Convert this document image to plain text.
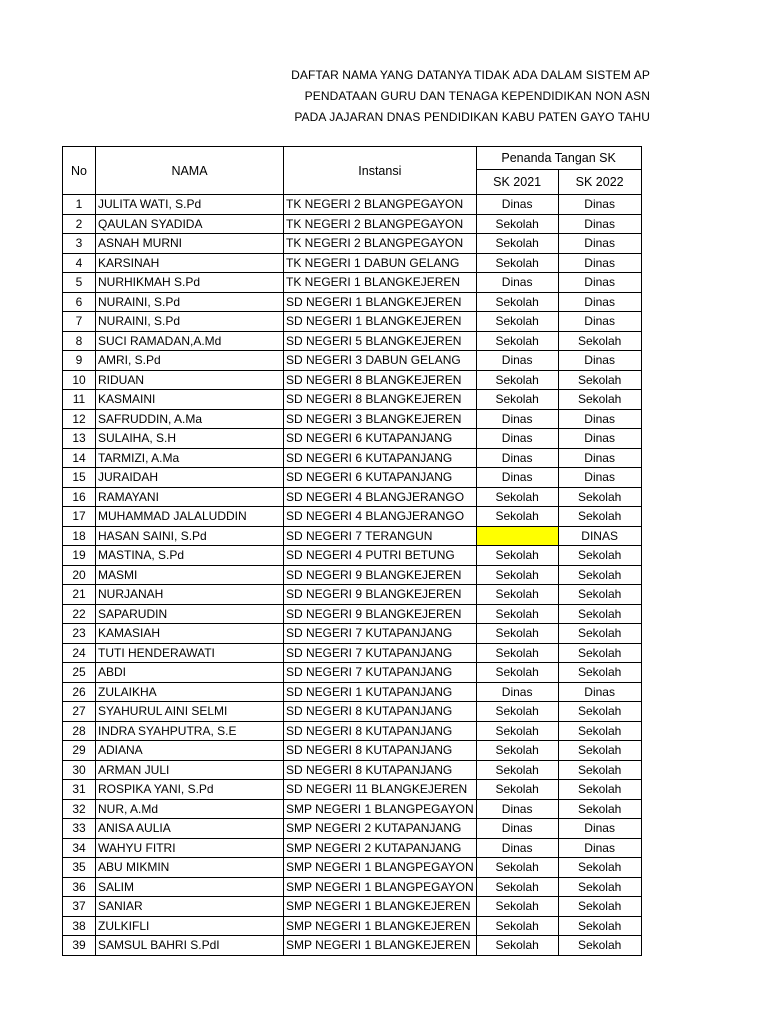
DAFTAR NAMA YANG DATANYA TIDAK ADA DALAM SISTEM AP
PENDATAAN GURU DAN TENAGA KEPENDIDIKAN NON ASN
PADA JAJARAN DNAS PENDIDIKAN KABU PATEN GAYO TAHU
No	NAMA	Instansi	Penanda Tangan SK	
			SK 2021	SK 2022
1	JULITA WATI, S.Pd	TK NEGERI 2 BLANGPEGAYON	Dinas	Dinas
2	QAULAN SYADIDA	TK NEGERI 2 BLANGPEGAYON	Sekolah	Dinas
3	ASNAH MURNI	TK NEGERI 2 BLANGPEGAYON	Sekolah	Dinas
4	KARSINAH	TK NEGERI 1 DABUN GELANG	Sekolah	Dinas
5	NURHIKMAH S.Pd	TK NEGERI 1 BLANGKEJEREN	Dinas	Dinas
6	NURAINI, S.Pd	SD NEGERI 1 BLANGKEJEREN	Sekolah	Dinas
7	NURAINI, S.Pd	SD NEGERI 1 BLANGKEJEREN	Sekolah	Dinas
8	SUCI RAMADAN,A.Md	SD NEGERI 5 BLANGKEJEREN	Sekolah	Sekolah
9	AMRI, S.Pd	SD NEGERI 3 DABUN GELANG	Dinas	Dinas
10	RIDUAN	SD NEGERI 8 BLANGKEJEREN	Sekolah	Sekolah
11	KASMAINI	SD NEGERI 8 BLANGKEJEREN	Sekolah	Sekolah
12	SAFRUDDIN, A.Ma	SD NEGERI 3 BLANGKEJEREN	Dinas	Dinas
13	SULAIHA, S.H	SD NEGERI 6 KUTAPANJANG	Dinas	Dinas
14	TARMIZI, A.Ma	SD NEGERI 6 KUTAPANJANG	Dinas	Dinas
15	JURAIDAH	SD NEGERI 6 KUTAPANJANG	Dinas	Dinas
16	RAMAYANI	SD NEGERI 4 BLANGJERANGO	Sekolah	Sekolah
17	MUHAMMAD JALALUDDIN	SD NEGERI 4 BLANGJERANGO	Sekolah	Sekolah
18	HASAN SAINI, S.Pd	SD NEGERI 7 TERANGUN		DINAS
19	MASTINA, S.Pd	SD NEGERI 4 PUTRI BETUNG	Sekolah	Sekolah
20	MASMI	SD NEGERI 9 BLANGKEJEREN	Sekolah	Sekolah
21	NURJANAH	SD NEGERI 9 BLANGKEJEREN	Sekolah	Sekolah
22	SAPARUDIN	SD NEGERI 9 BLANGKEJEREN	Sekolah	Sekolah
23	KAMASIAH	SD NEGERI 7 KUTAPANJANG	Sekolah	Sekolah
24	TUTI HENDERAWATI	SD NEGERI 7 KUTAPANJANG	Sekolah	Sekolah
25	ABDI	SD NEGERI 7 KUTAPANJANG	Sekolah	Sekolah
26	ZULAIKHA	SD NEGERI 1 KUTAPANJANG	Dinas	Dinas
27	SYAHURUL AINI SELMI	SD NEGERI 8 KUTAPANJANG	Sekolah	Sekolah
28	INDRA SYAHPUTRA, S.E	SD NEGERI 8 KUTAPANJANG	Sekolah	Sekolah
29	ADIANA	SD NEGERI 8 KUTAPANJANG	Sekolah	Sekolah
30	ARMAN JULI	SD NEGERI 8 KUTAPANJANG	Sekolah	Sekolah
31	ROSPIKA YANI, S.Pd	SD NEGERI 11 BLANGKEJEREN	Sekolah	Sekolah
32	NUR, A.Md	SMP NEGERI 1 BLANGPEGAYON	Dinas	Sekolah
33	ANISA AULIA	SMP NEGERI 2 KUTAPANJANG	Dinas	Dinas
34	WAHYU FITRI	SMP NEGERI 2 KUTAPANJANG	Dinas	Dinas
35	ABU MIKMIN	SMP NEGERI 1 BLANGPEGAYON	Sekolah	Sekolah
36	SALIM	SMP NEGERI 1 BLANGPEGAYON	Sekolah	Sekolah
37	SANIAR	SMP NEGERI 1 BLANGKEJEREN	Sekolah	Sekolah
38	ZULKIFLI	SMP NEGERI 1 BLANGKEJEREN	Sekolah	Sekolah
39	SAMSUL BAHRI S.PdI	SMP NEGERI 1 BLANGKEJEREN	Sekolah	Sekolah
